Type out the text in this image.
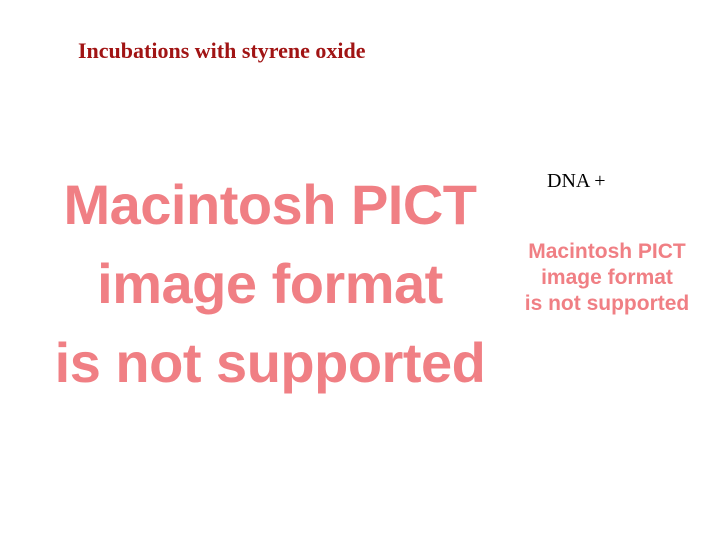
Incubations with styrene oxide
Macintosh PICT
image format
is not supported
DNA +
Macintosh PICT
image format
is not supported
